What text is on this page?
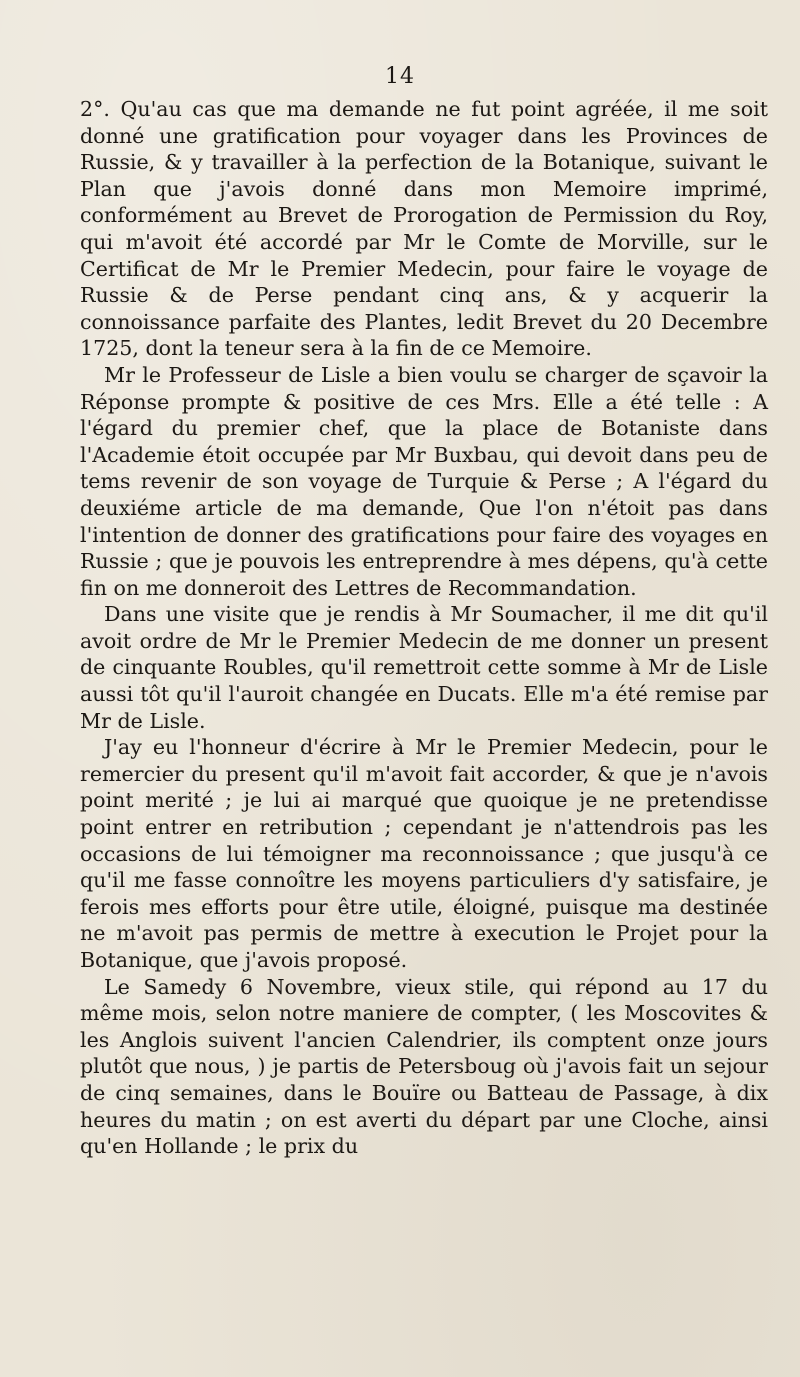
14

2°. Qu'au cas que ma demande ne fut point agréée, il me soit donné une gratification pour voyager dans les Provinces de Russie, & y travailler à la perfection de la Botanique, suivant le Plan que j'avois donné dans mon Memoire imprimé, conformément au Brevet de Prorogation de Permission du Roy, qui m'avoit été accordé par Mr le Comte de Morville, sur le Certificat de Mr le Premier Medecin, pour faire le voyage de Russie & de Perse pendant cinq ans, & y acquerir la connoissance parfaite des Plantes, ledit Brevet du 20 Decembre 1725, dont la teneur sera à la fin de ce Memoire.

Mr le Professeur de Lisle a bien voulu se charger de sçavoir la Réponse prompte & positive de ces Mrs. Elle a été telle : A l'égard du premier chef, que la place de Botaniste dans l'Academie étoit occupée par Mr Buxbau, qui devoit dans peu de tems revenir de son voyage de Turquie & Perse ; A l'égard du deuxiéme article de ma demande, Que l'on n'étoit pas dans l'intention de donner des gratifications pour faire des voyages en Russie ; que je pouvois les entreprendre à mes dépens, qu'à cette fin on me donneroit des Lettres de Recommandation.

Dans une visite que je rendis à Mr Soumacher, il me dit qu'il avoit ordre de Mr le Premier Medecin de me donner un present de cinquante Roubles, qu'il remettroit cette somme à Mr de Lisle aussi tôt qu'il l'auroit changée en Ducats. Elle m'a été remise par Mr de Lisle.

J'ay eu l'honneur d'écrire à Mr le Premier Medecin, pour le remercier du present qu'il m'avoit fait accorder, & que je n'avois point merité ; je lui ai marqué que quoique je ne pretendisse point entrer en retribution ; cependant je n'attendrois pas les occasions de lui témoigner ma reconnoissance ; que jusqu'à ce qu'il me fasse connoître les moyens particuliers d'y satisfaire, je ferois mes efforts pour être utile, éloigné, puisque ma destinée ne m'avoit pas permis de mettre à execution le Projet pour la Botanique, que j'avois proposé.

Le Samedy 6 Novembre, vieux stile, qui répond au 17 du même mois, selon notre maniere de compter, ( les Moscovites & les Anglois suivent l'ancien Calendrier, ils comptent onze jours plutôt que nous, ) je partis de Petersboug où j'avois fait un sejour de cinq semaines, dans le Bouïre ou Batteau de Passage, à dix heures du matin ; on est averti du départ par une Cloche, ainsi qu'en Hollande ; le prix du
